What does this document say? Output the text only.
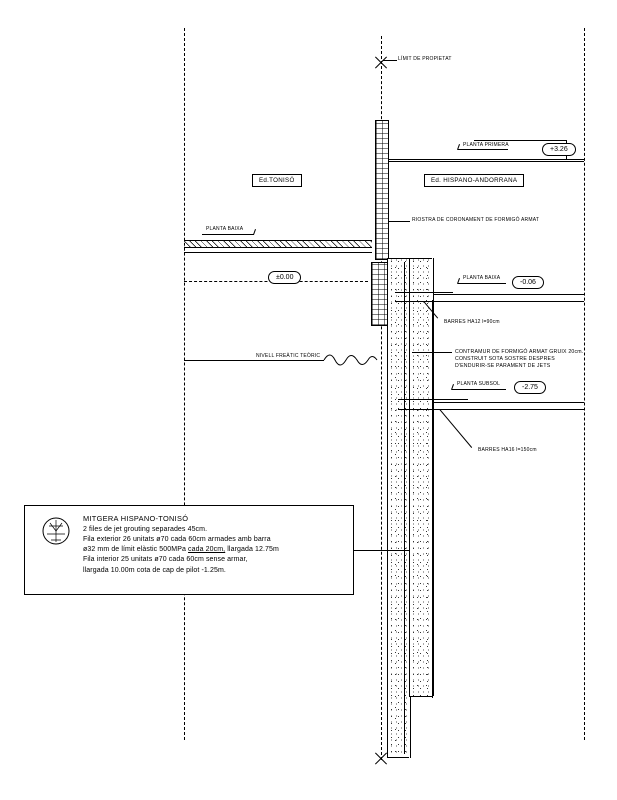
LÍMIT DE PROPIETAT
+3.26
PLANTA PRIMERA
Ed.TONISÓ	Ed. HISPANO-ANDORRANA
PLANTA BAIXA
±0.00
-0.06
PLANTA BAIXA
-2.75
PLANTA SUBSOL
RIOSTRA DE CORONAMENT DE FORMIGÓ ARMAT
BARRES HA12 l=90cm
NIVELL FREÀTIC TEÒRIC
CONTRAMUR DE FORMIGÓ ARMAT GRUIX 20cm.
CONSTRUIT SOTA SOSTRE DESPRES
D'ENDURIR-SE PARAMENT DE JETS
BARRES HA16 l=150cm
MITGERA HISPANO-TONISÓ
2 files de jet grouting separades 45cm.
Fila exterior 26 unitats ø70 cada 60cm armades amb barra
ø32 mm de límit elàstic 500MPa cada 20cm, llargada 12.75m
Fila interior 25 unitats ø70 cada 60cm sense armar,
llargada 10.00m cota de cap de pilot -1.25m.
